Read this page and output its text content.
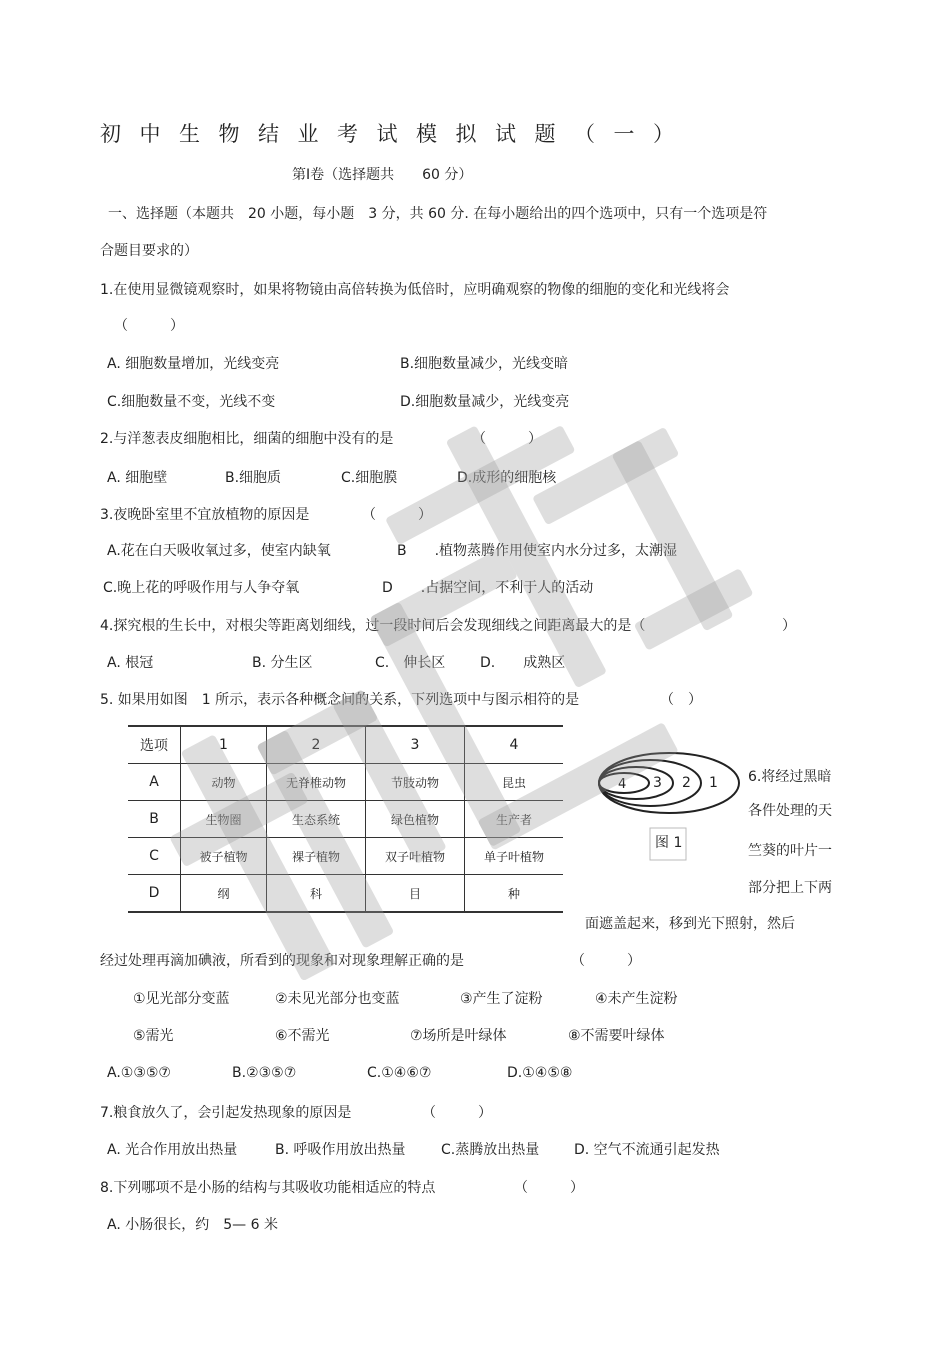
初中生物结业考试模拟试题（一）
第Ⅰ卷（选择题共　　60 分）
一、选择题（本题共　20 小题，每小题　3 分，共 60 分. 在每小题给出的四个选项中，只有一个选项是符
合题目要求的）
1.在使用显微镜观察时，如果将物镜由高倍转换为低倍时，应明确观察的物像的细胞的变化和光线将会
（　　　）
A. 细胞数量增加，光线变亮	B.细胞数量减少，光线变暗
C.细胞数量不变，光线不变	D.细胞数量减少，光线变亮
2.与洋葱表皮细胞相比，细菌的细胞中没有的是	（　　　）
A. 细胞壁	B.细胞质	C.细胞膜	D.成形的细胞核
3.夜晚卧室里不宜放植物的原因是	（　　　）
A.花在白天吸收氧过多，使室内缺氧	B　　.植物蒸腾作用使室内水分过多，太潮湿
C.晚上花的呼吸作用与人争夺氧	D　　.占据空间，不利于人的活动
4.探究根的生长中，对根尖等距离划细线，过一段时间后会发现细线之间距离最大的是（	）
A. 根冠	B. 分生区	C.　伸长区 D.　　成熟区
5. 如果用如图　1 所示，表示各种概念间的关系，下列选项中与图示相符的是	（　）
选项	1	2	3	4
A	动物	无脊椎动物	节肢动物	昆虫
B	生物圈	生态系统	绿色植物	生产者
C	被子植物	裸子植物	双子叶植物	单子叶植物
D	纲	科	目	种
1
2
3
4
图 1
6.将经过黑暗
各件处理的天
竺葵的叶片一
部分把上下两
面遮盖起来，移到光下照射，然后
经过处理再滴加碘液，所看到的现象和对现象理解正确的是	（　　　）
①见光部分变蓝	②未见光部分也变蓝	③产生了淀粉	④未产生淀粉
⑤需光	⑥不需光	⑦场所是叶绿体	⑧不需要叶绿体
A.①③⑤⑦	B.②③⑤⑦	C.①④⑥⑦	D.①④⑤⑧
7.粮食放久了，会引起发热现象的原因是	（　　　）
A. 光合作用放出热量	B. 呼吸作用放出热量	C.蒸腾放出热量 D. 空气不流通引起发热
8.下列哪项不是小肠的结构与其吸收功能相适应的特点	（　　　）
A. 小肠很长，约　5— 6 米
